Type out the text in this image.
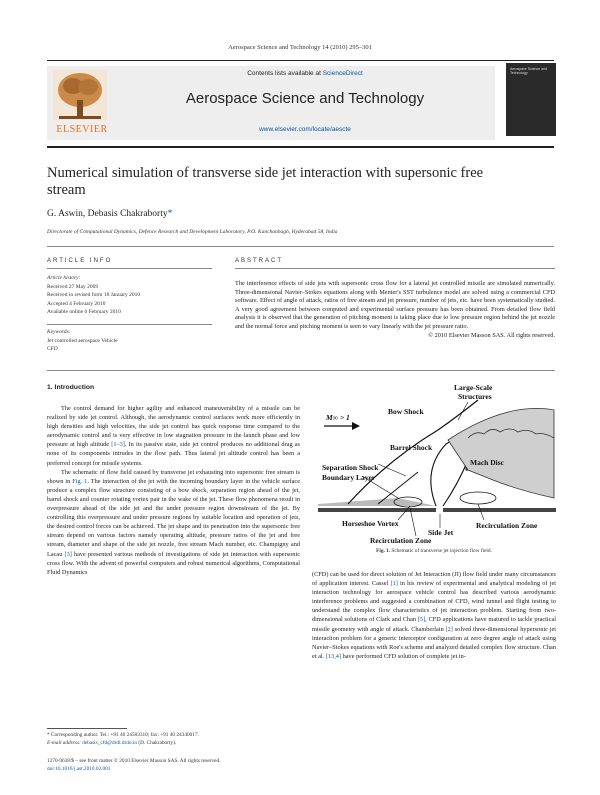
Aerospace Science and Technology 14 (2010) 295–301
ELSEVIER
Contents lists available at ScienceDirect
Aerospace Science and Technology
www.elsevier.com/locate/aescte
Aerospace Science and Technology
Numerical simulation of transverse side jet interaction with supersonic free stream
G. Aswin, Debasis Chakraborty*
Directorate of Computational Dynamics, Defence Research and Development Laboratory, P.O. Kanchanbagh, Hyderabad 58, India
ARTICLE INFO
Article history:
Received 27 May 2009
Received in revised form 18 January 2010
Accepted 4 February 2010
Available online 6 February 2010
Keywords:
Jet controlled aerospace Vehicle
CFD
ABSTRACT
The interference effects of side jets with supersonic cross flow for a lateral jet controlled missile are simulated numerically. Three-dimensional Navier–Stokes equations along with Menter's SST turbulence model are solved using a commercial CFD software. Effect of angle of attack, ratios of free stream and jet pressure, number of jets, etc. have been systematically studied. A very good agreement between computed and experimental surface pressure has been obtained. From detailed flow field analysis it is observed that the generation of pitching moment is taking place due to low pressure region behind the jet nozzle and the normal force and pitching moment is seen to vary linearly with the jet pressure ratio.
© 2010 Elsevier Masson SAS. All rights reserved.
1. Introduction

The control demand for higher agility and enhanced maneuverability of a missile can be realized by side jet control. Although, the aerodynamic control surfaces work more efficiently in high densities and high velocities, the side jet control has quick response time compared to the aerodynamic control and is very effective in low stagnation pressure in the launch phase and low pressure at high altitude [1–3]. In its passive state, side jet control produces no additional drag as none of its components intrudes in the flow path. Thus lateral jet altitude control has been a preferred concept for missile systems.

The schematic of flow field caused by transverse jet exhausting into supersonic free stream is shown in Fig. 1. The interaction of the jet with the incoming boundary layer in the vehicle surface produce a complex flow structure consisting of a bow shock, separation region ahead of the jet, barrel shock and counter rotating vortex pair in the wake of the jet. These flow phenomena result in overpressure ahead of the side jet and the under pressure region downstream of the jet. By controlling this overpressure and under pressure regions by suitable location and operation of jets, the desired control forces can be achieved. The jet shape and its penetration into the supersonic free stream depend on various factors namely operating altitude, pressure ratios of the jet and free stream, diameter and shape of the side jet nozzle, free stream Mach number, etc. Champigny and Lacau [3] have presented various methods of investigations of side jet interaction with supersonic cross flow. With the advent of powerful computers and robust numerical algorithms, Computational Fluid Dynamics

Large-Scale
Structures
M∞ > 1
Bow Shock
Barrel Shock
Separation Shock
Boundary Layer
Mach Disc
Horseshoe Vortex
Side Jet
Recirculation Zone
Recirculation Zone
Fig. 1. Schematic of transverse jet injection flow field.

(CFD) can be used for direct solution of Jet Interaction (JI) flow field under many circumstances of application interest. Cassel [1] in his review of experimental and analytical modeling of jet interaction technology for aerospace vehicle control has described various aerodynamic interference problems and suggested a combination of CFD, wind tunnel and flight testing to understand the complex flow characteristics of jet interaction problem. Starting from two-dimensional solutions of Clark and Chan [5], CFD applications have matured to tackle practical missile geometry with angle of attack. Chamberlain [2] solved three-dimensional hypersonic jet interaction problem for a generic interceptor configuration at zero degree angle of attack using Navier–Stokes equations with Roe's scheme and analyzed detailed complex flow structure. Chan et al. [13,4] have performed CFD solution of complete jet in-

* Corresponding author. Tel.: +91 40 24583310; fax: +91 40 24340017.
E-mail address: debasis_cfd@drdl.drdo.in (D. Chakraborty).
1270-9638/$ – see front matter © 2010 Elsevier Masson SAS. All rights reserved.
doi:10.1016/j.ast.2010.02.001
